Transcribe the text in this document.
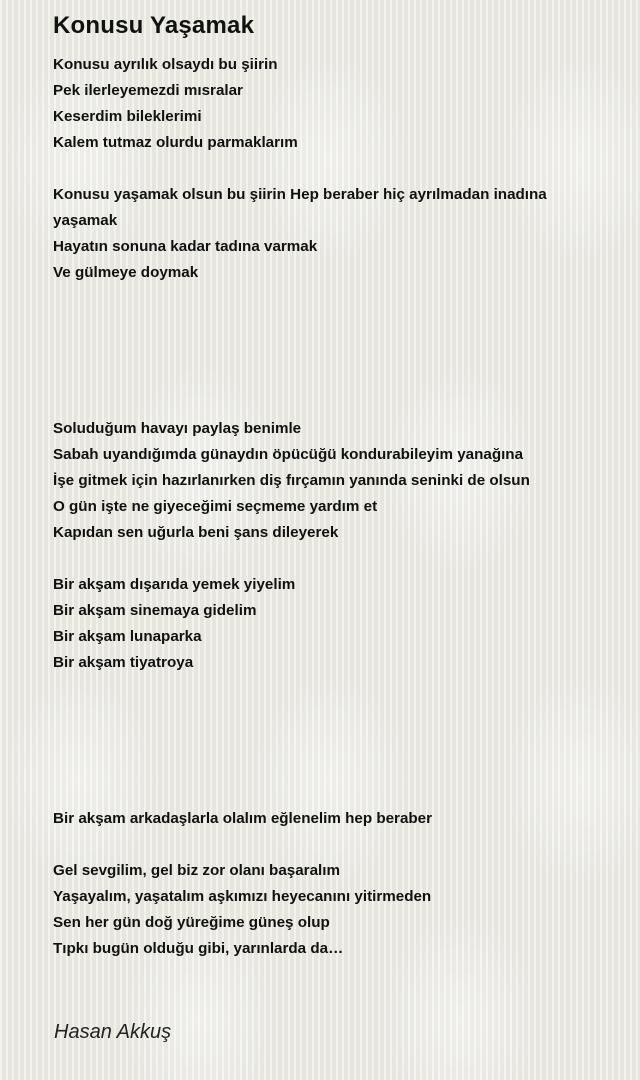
Konusu Yaşamak

Konusu ayrılık olsaydı bu şiirin
Pek ilerleyemezdi mısralar
Keserdim bileklerimi
Kalem tutmaz olurdu parmaklarım

Konusu yaşamak olsun bu şiirin Hep beraber hiç ayrılmadan inadına
yaşamak
Hayatın sonuna kadar tadına varmak
Ve gülmeye doymak

Soluduğum havayı paylaş benimle
Sabah uyandığımda günaydın öpücüğü kondurabileyim yanağına
İşe gitmek için hazırlanırken diş fırçamın yanında seninki de olsun
O gün işte ne giyeceğimi seçmeme yardım et
Kapıdan sen uğurla beni şans dileyerek

Bir akşam dışarıda yemek yiyelim
Bir akşam sinemaya gidelim
Bir akşam lunaparka
Bir akşam tiyatroya

Bir akşam arkadaşlarla olalım eğlenelim hep beraber

Gel sevgilim, gel biz zor olanı başaralım
Yaşayalım, yaşatalım aşkımızı heyecanını yitirmeden
Sen her gün doğ yüreğime güneş olup
Tıpkı bugün olduğu gibi, yarınlarda da…

Hasan Akkuş
